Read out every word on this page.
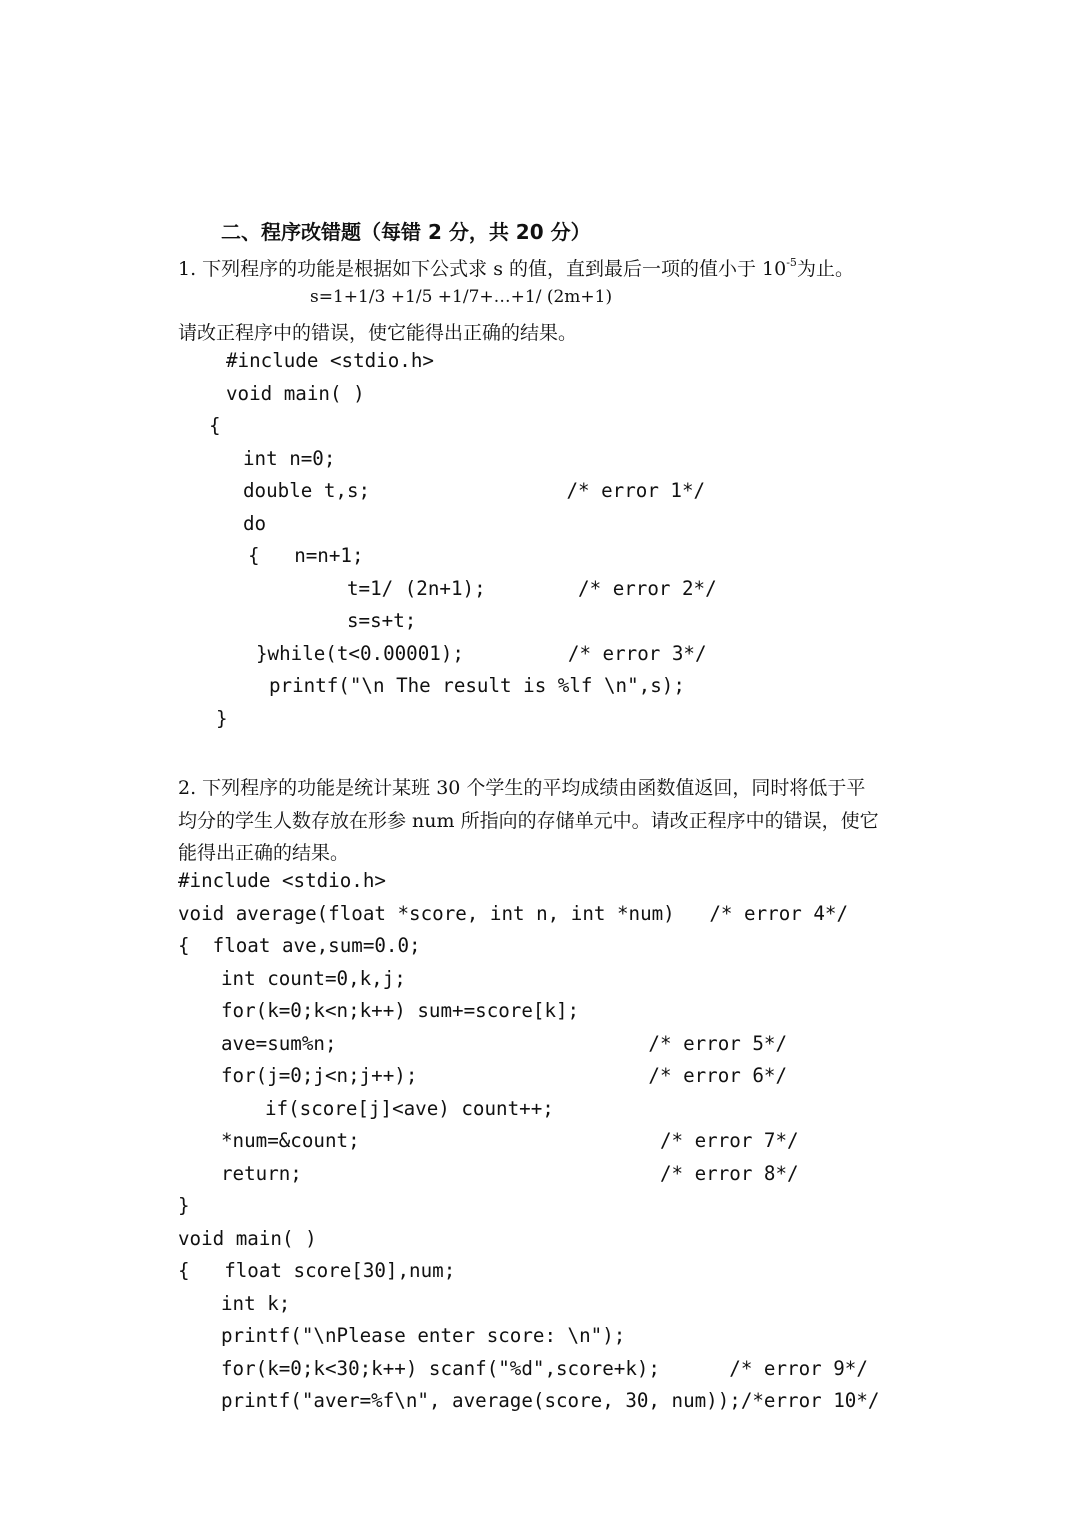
二、程序改错题（每错 2 分，共 20 分）
1. 下列程序的功能是根据如下公式求 s 的值，直到最后一项的值小于 $10^{-5}$为止。
s=1+1/3 +1/5 +1/7+…+1/ (2m+1)
请改正程序中的错误，使它能得出正确的结果。
#include <stdio.h>
void main( )
{
int n=0;
double t,s;                 /* error 1*/
do
{   n=n+1;
t=1/ (2n+1);        /* error 2*/
s=s+t;
}while(t<0.00001);         /* error 3*/
printf("\n The result is %lf \n",s);
}
2. 下列程序的功能是统计某班 30 个学生的平均成绩由函数值返回，同时将低于平
均分的学生人数存放在形参 num 所指向的存储单元中。请改正程序中的错误，使它
能得出正确的结果。
#include <stdio.h>
void average(float *score, int n, int *num)   /* error 4*/
{  float ave,sum=0.0;
int count=0,k,j;
for(k=0;k<n;k++) sum+=score[k];
ave=sum%n;                           /* error 5*/
for(j=0;j<n;j++);                    /* error 6*/
if(score[j]<ave) count++;
*num=&count;                          /* error 7*/
return;                               /* error 8*/
}
void main( )
{   float score[30],num;
int k;
printf("\nPlease enter score: \n");
for(k=0;k<30;k++) scanf("%d",score+k);      /* error 9*/
printf("aver=%f\n", average(score, 30, num));/*error 10*/
